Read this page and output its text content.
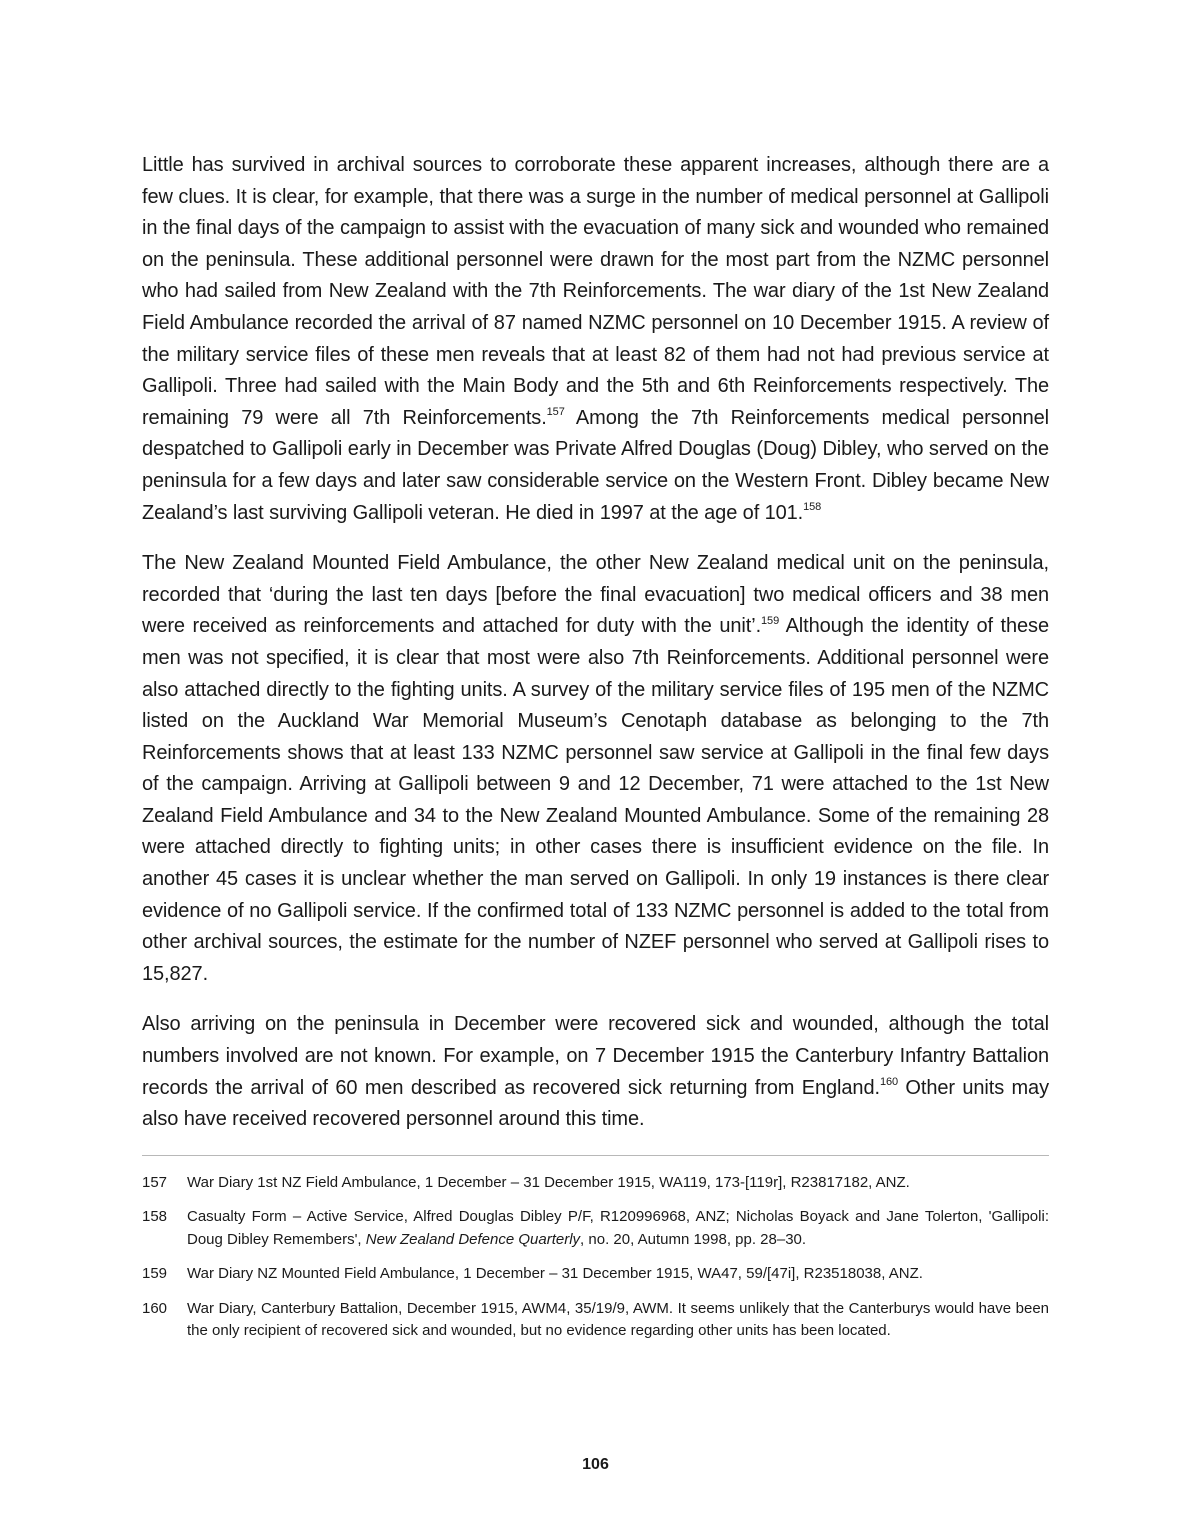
Little has survived in archival sources to corroborate these apparent increases, although there are a few clues. It is clear, for example, that there was a surge in the number of medical personnel at Gallipoli in the final days of the campaign to assist with the evacuation of many sick and wounded who remained on the peninsula. These additional personnel were drawn for the most part from the NZMC personnel who had sailed from New Zealand with the 7th Reinforcements. The war diary of the 1st New Zealand Field Ambulance recorded the arrival of 87 named NZMC personnel on 10 December 1915. A review of the military service files of these men reveals that at least 82 of them had not had previous service at Gallipoli. Three had sailed with the Main Body and the 5th and 6th Reinforcements respectively. The remaining 79 were all 7th Reinforcements.$^{157}$ Among the 7th Reinforcements medical personnel despatched to Gallipoli early in December was Private Alfred Douglas (Doug) Dibley, who served on the peninsula for a few days and later saw considerable service on the Western Front. Dibley became New Zealand’s last surviving Gallipoli veteran. He died in 1997 at the age of 101.$^{158}$

The New Zealand Mounted Field Ambulance, the other New Zealand medical unit on the peninsula, recorded that ‘during the last ten days [before the final evacuation] two medical officers and 38 men were received as reinforcements and attached for duty with the unit’.$^{159}$ Although the identity of these men was not specified, it is clear that most were also 7th Reinforcements. Additional personnel were also attached directly to the fighting units. A survey of the military service files of 195 men of the NZMC listed on the Auckland War Memorial Museum’s Cenotaph database as belonging to the 7th Reinforcements shows that at least 133 NZMC personnel saw service at Gallipoli in the final few days of the campaign. Arriving at Gallipoli between 9 and 12 December, 71 were attached to the 1st New Zealand Field Ambulance and 34 to the New Zealand Mounted Ambulance. Some of the remaining 28 were attached directly to fighting units; in other cases there is insufficient evidence on the file. In another 45 cases it is unclear whether the man served on Gallipoli. In only 19 instances is there clear evidence of no Gallipoli service. If the confirmed total of 133 NZMC personnel is added to the total from other archival sources, the estimate for the number of NZEF personnel who served at Gallipoli rises to 15,827.

Also arriving on the peninsula in December were recovered sick and wounded, although the total numbers involved are not known. For example, on 7 December 1915 the Canterbury Infantry Battalion records the arrival of 60 men described as recovered sick returning from England.$^{160}$ Other units may also have received recovered personnel around this time.

157	War Diary 1st NZ Field Ambulance, 1 December – 31 December 1915, WA119, 173-[119r], R23817182, ANZ.
158	Casualty Form – Active Service, Alfred Douglas Dibley P/F, R120996968, ANZ; Nicholas Boyack and Jane Tolerton, 'Gallipoli: Doug Dibley Remembers', New Zealand Defence Quarterly, no. 20, Autumn 1998, pp. 28–30.
159	War Diary NZ Mounted Field Ambulance, 1 December – 31 December 1915, WA47, 59/[47i], R23518038, ANZ.
160	War Diary, Canterbury Battalion, December 1915, AWM4, 35/19/9, AWM. It seems unlikely that the Canterburys would have been the only recipient of recovered sick and wounded, but no evidence regarding other units has been located.
106
